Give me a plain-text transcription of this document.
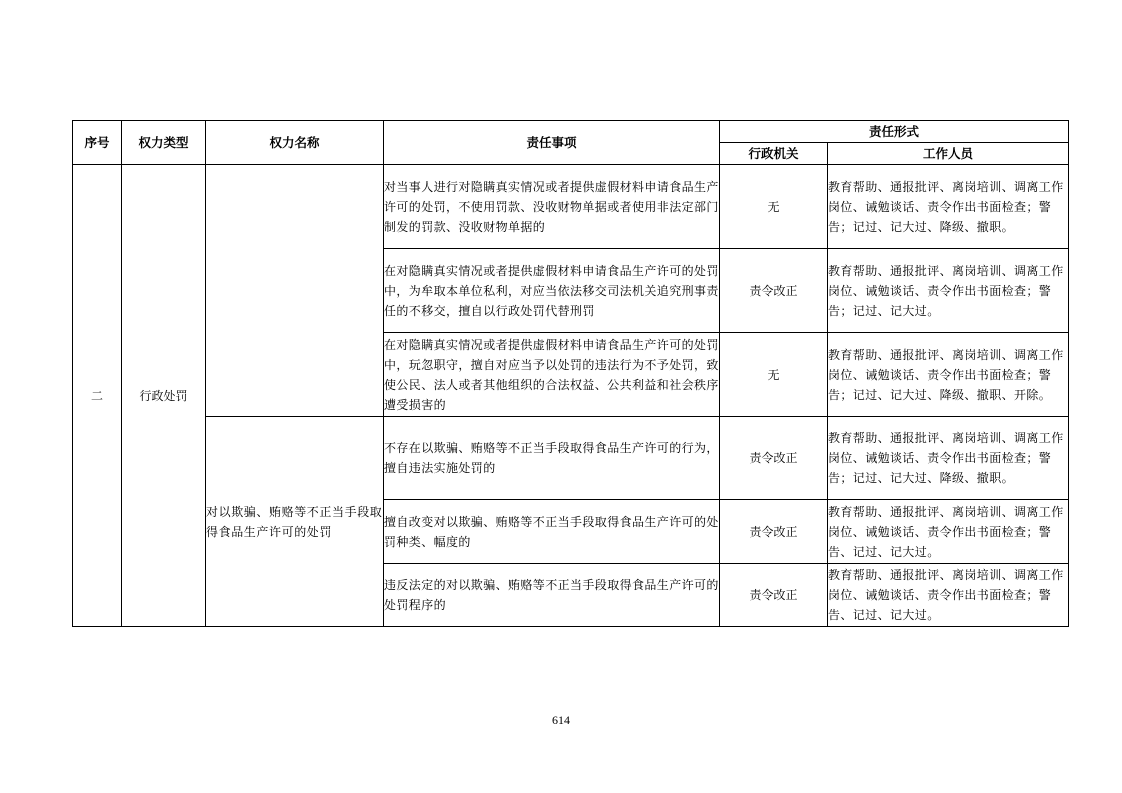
序号	权力类型	权力名称	责任事项	责任形式	
				行政机关	工作人员
二	行政处罚		对当事人进行对隐瞒真实情况或者提供虚假材料申请食品生产许可的处罚，不使用罚款、没收财物单据或者使用非法定部门制发的罚款、没收财物单据的	无	教育帮助、通报批评、离岗培训、调离工作岗位、诫勉谈话、责令作出书面检查；警告；记过、记大过、降级、撤职。
			在对隐瞒真实情况或者提供虚假材料申请食品生产许可的处罚中，为牟取本单位私利，对应当依法移交司法机关追究刑事责任的不移交，擅自以行政处罚代替刑罚	责令改正	教育帮助、通报批评、离岗培训、调离工作岗位、诫勉谈话、责令作出书面检查；警告；记过、记大过。
			在对隐瞒真实情况或者提供虚假材料申请食品生产许可的处罚中，玩忽职守，擅自对应当予以处罚的违法行为不予处罚，致使公民、法人或者其他组织的合法权益、公共利益和社会秩序遭受损害的	无	教育帮助、通报批评、离岗培训、调离工作岗位、诫勉谈话、责令作出书面检查；警告；记过、记大过、降级、撤职、开除。
		对以欺骗、贿赂等不正当手段取得食品生产许可的处罚	不存在以欺骗、贿赂等不正当手段取得食品生产许可的行为，擅自违法实施处罚的	责令改正	教育帮助、通报批评、离岗培训、调离工作岗位、诫勉谈话、责令作出书面检查；警告；记过、记大过、降级、撤职。
			擅自改变对以欺骗、贿赂等不正当手段取得食品生产许可的处罚种类、幅度的	责令改正	教育帮助、通报批评、离岗培训、调离工作岗位、诫勉谈话、责令作出书面检查；警告、记过、记大过。
			违反法定的对以欺骗、贿赂等不正当手段取得食品生产许可的处罚程序的	责令改正	教育帮助、通报批评、离岗培训、调离工作岗位、诫勉谈话、责令作出书面检查；警告、记过、记大过。
614
